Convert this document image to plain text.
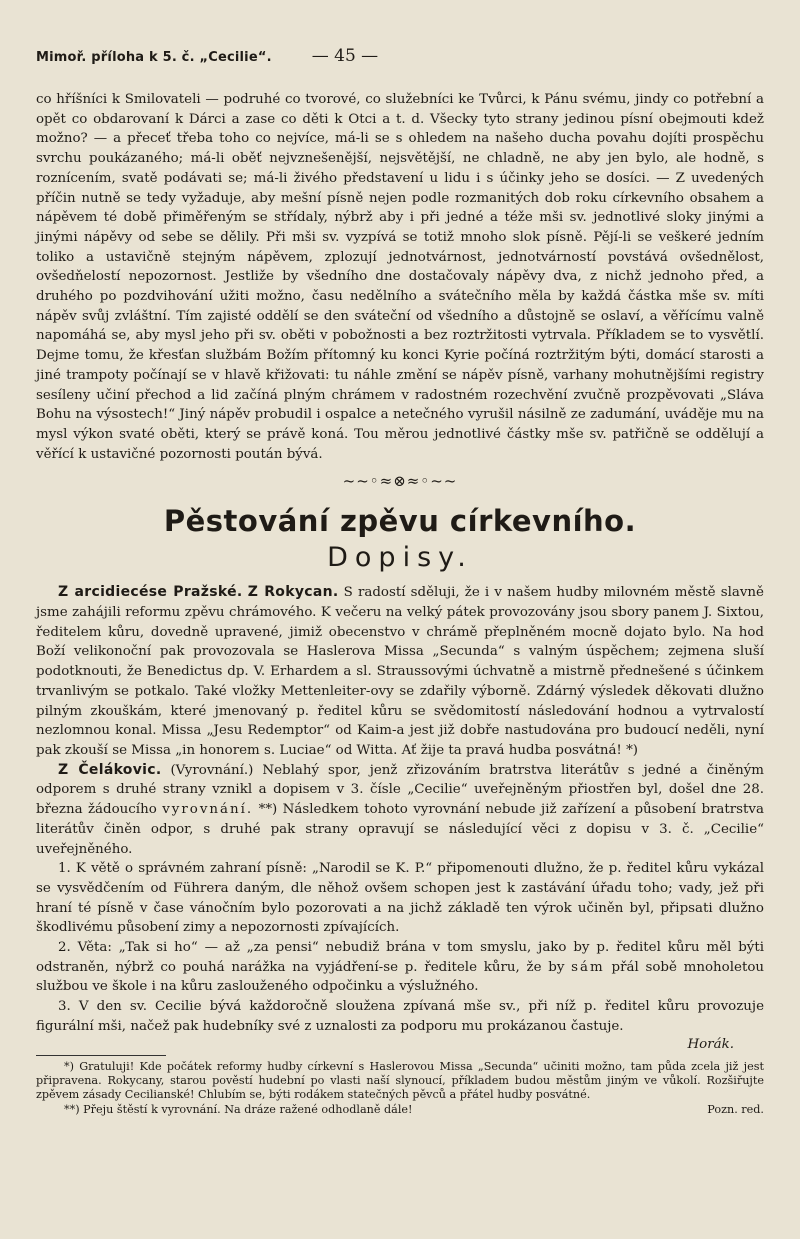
Mimoř. příloha k 5. č. „Cecilie“. — 45 —

co hříšníci k Smilovateli — podruhé co tvorové, co služebníci ke Tvůrci, k Pánu svému, jindy co potřební a opět co obdarovaní k Dárci a zase co děti k Otci a t. d. Všecky tyto strany jedinou písní obejmouti kdež možno? — a přeceť třeba toho co nejvíce, má-li se s ohledem na našeho ducha povahu dojíti prospěchu svrchu poukázaného; má-li oběť nejvznešenější, nejsvětější, ne chladně, ne aby jen bylo, ale hodně, s roznícením, svatě podávati se; má-li živého představení u lidu i s účinky jeho se dosíci. — Z uvedených příčin nutně se tedy vyžaduje, aby mešní písně nejen podle rozmanitých dob roku církevního obsahem a nápěvem té době přiměřeným se střídaly, nýbrž aby i při jedné a téže mši sv. jednotlivé sloky jinými a jinými nápěvy od sebe se dělily. Při mši sv. vyzpívá se totiž mnoho slok písně. Pějí-li se veškeré jedním toliko a ustavičně stejným nápěvem, zplozují jednotvárnost, jednotvárností povstává ovšednělost, ovšedňelostí nepozornost. Jestliže by všedního dne dostačovaly nápěvy dva, z nichž jednoho před, a druhého po pozdvihování užiti možno, času nedělního a svátečního měla by každá částka mše sv. míti nápěv svůj zvláštní. Tím zajisté oddělí se den sváteční od všedního a důstojně se oslaví, a věřícímu valně napomáhá se, aby mysl jeho při sv. oběti v pobožnosti a bez roztržitosti vytrvala. Příkladem se to vysvětlí. Dejme tomu, že křesťan službám Božím přítomný ku konci Kyrie počíná roztržitým býti, domácí starosti a jiné trampoty počínají se v hlavě křižovati: tu náhle změní se nápěv písně, varhany mohutnějšími registry sesíleny učiní přechod a lid začíná plným chrámem v radostném rozechvění zvučně prozpěvovati „Sláva Bohu na výsostech!“ Jiný nápěv probudil i ospalce a netečného vyrušil násilně ze zadumání, uváděje mu na mysl výkon svaté oběti, který se právě koná. Tou měrou jednotlivé částky mše sv. patřičně se oddělují a věřící k ustavičné pozornosti poután bývá.

~~◦≈⊗≈◦~~
Pěstování zpěvu církevního.
Dopisy.

Z arcidiecése Pražské. Z Rokycan. S radostí sděluji, že i v našem hudby milovném městě slavně jsme zahájili reformu zpěvu chrámového. K večeru na velký pátek provozovány jsou sbory panem J. Sixtou, ředitelem kůru, dovedně upravené, jimiž obecenstvo v chrámě přeplněném mocně dojato bylo. Na hod Boží velikonoční pak provozovala se Haslerova Missa „Secunda“ s valným úspěchem; zejmena sluší podotknouti, že Benedictus dp. V. Erhardem a sl. Straussovými úchvatně a mistrně přednešené s účinkem trvanlivým se potkalo. Také vložky Mettenleiter-ovy se zdařily výborně. Zdárný výsledek děkovati dlužno pilným zkouškám, které jmenovaný p. ředitel kůru se svědomitostí následování hodnou a vytrvalostí nezlomnou konal. Missa „Jesu Redemptor“ od Kaim-a jest již dobře nastudována pro budoucí neděli, nyní pak zkouší se Missa „in honorem s. Luciae“ od Witta. Ať žije ta pravá hudba posvátná! *)

Z Čelákovic. (Vyrovnání.) Neblahý spor, jenž zřizováním bratrstva literátův s jedné a činěným odporem s druhé strany vznikl a dopisem v 3. čísle „Cecilie“ uveřejněným přiostřen byl, došel dne 28. března žádoucího vyrovnání. **) Následkem tohoto vyrovnání nebude již zařízení a působení bratrstva literátův činěn odpor, s druhé pak strany opravují se následující věci z dopisu v 3. č. „Cecilie“ uveřejněného.

1. K větě o správném zahraní písně: „Narodil se K. P.“ připomenouti dlužno, že p. ředitel kůru vykázal se vysvědčením od Führera daným, dle něhož ovšem schopen jest k zastávání úřadu toho; vady, jež při hraní té písně v čase vánočním bylo pozorovati a na jichž základě ten výrok učiněn byl, připsati dlužno škodlivému působení zimy a nepozornosti zpívajících.

2. Věta: „Tak si ho“ — až „za pensi“ nebudiž brána v tom smyslu, jako by p. ředitel kůru měl býti odstraněn, nýbrž co pouhá narážka na vyjádření-se p. ředitele kůru, že by sám přál sobě mnoholetou službou ve škole i na kůru zaslouženého odpočinku a výslužného.

3. V den sv. Cecilie bývá každoročně sloužena zpívaná mše sv., při níž p. ředitel kůru provozuje figurální mši, načež pak hudebníky své z uznalosti za podporu mu prokázanou častuje.

Horák.

*) Gratuluji! Kde počátek reformy hudby církevní s Haslerovou Missa „Secunda“ učiniti možno, tam půda zcela již jest připravena. Rokycany, starou pověstí hudební po vlasti naší slynoucí, příkladem budou městům jiným ve vůkolí. Rozšiřujte zpěvem zásady Cecilianské! Chlubím se, býti rodákem statečných pěvců a přátel hudby posvátné.

**) Přeju štěstí k vyrovnání. Na dráze ražené odhodlaně dále!	Pozn. red.
